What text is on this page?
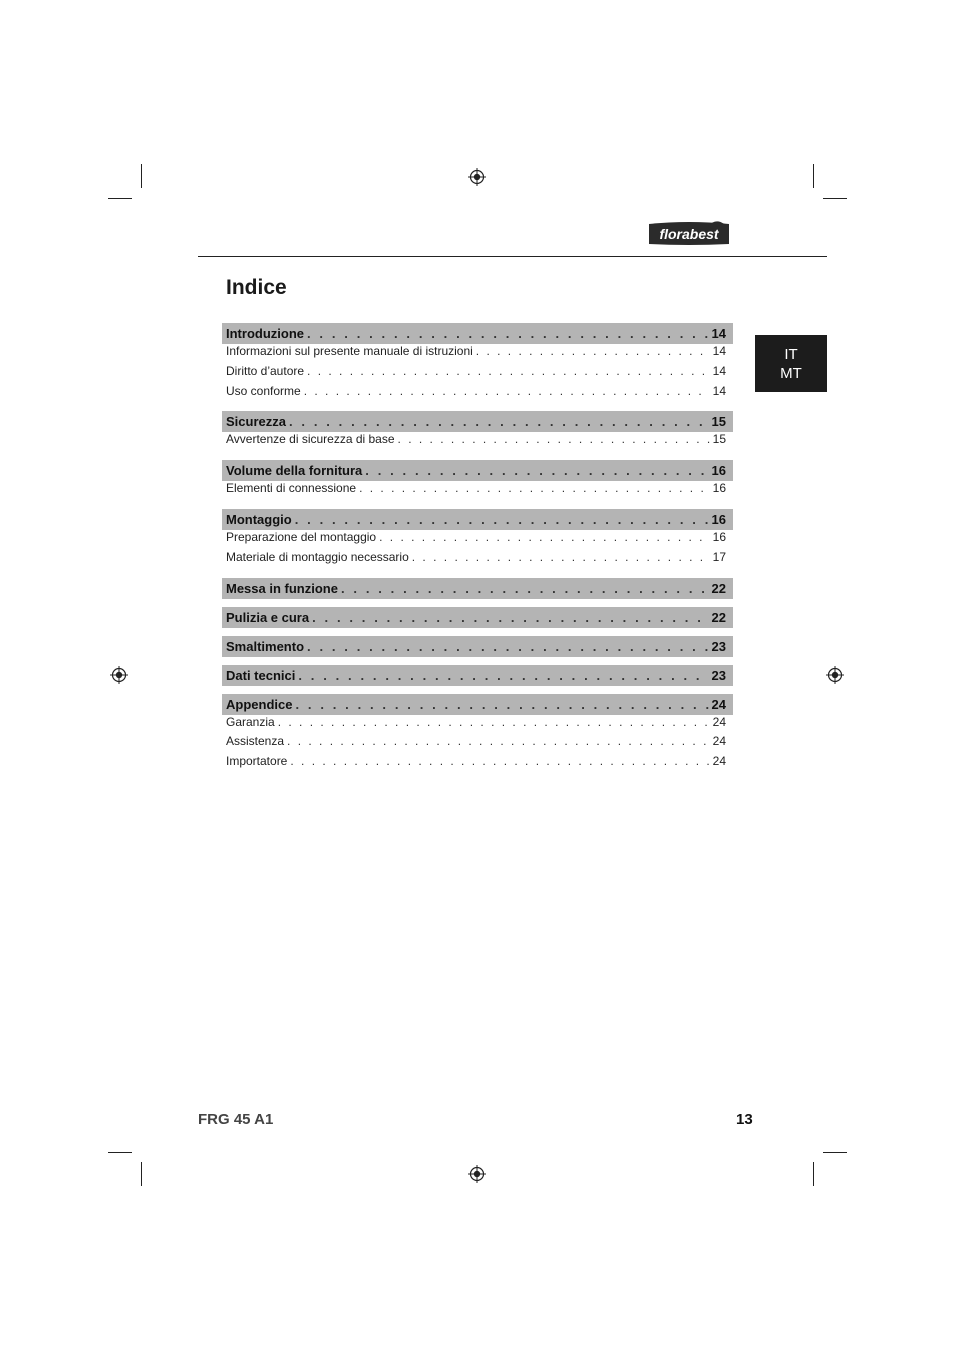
florabest
Indice
IT
MT
Introduzione . . .	14
Informazioni sul presente manuale di istruzioni . . .	14
Diritto d’autore . . .	14
Uso conforme . . .	14
Sicurezza . . .	15
Avvertenze di sicurezza di base . . .	15
Volume della fornitura . . .	16
Elementi di connessione . . .	16
Montaggio . . .	16
Preparazione del montaggio . . .	16
Materiale di montaggio necessario . . .	17
Messa in funzione . . .	22
Pulizia e cura . . .	22
Smaltimento . . .	23
Dati tecnici . . .	23
Appendice . . .	24
Garanzia . . .	24
Assistenza . . .	24
Importatore . . .	24
FRG 45 A1	13
